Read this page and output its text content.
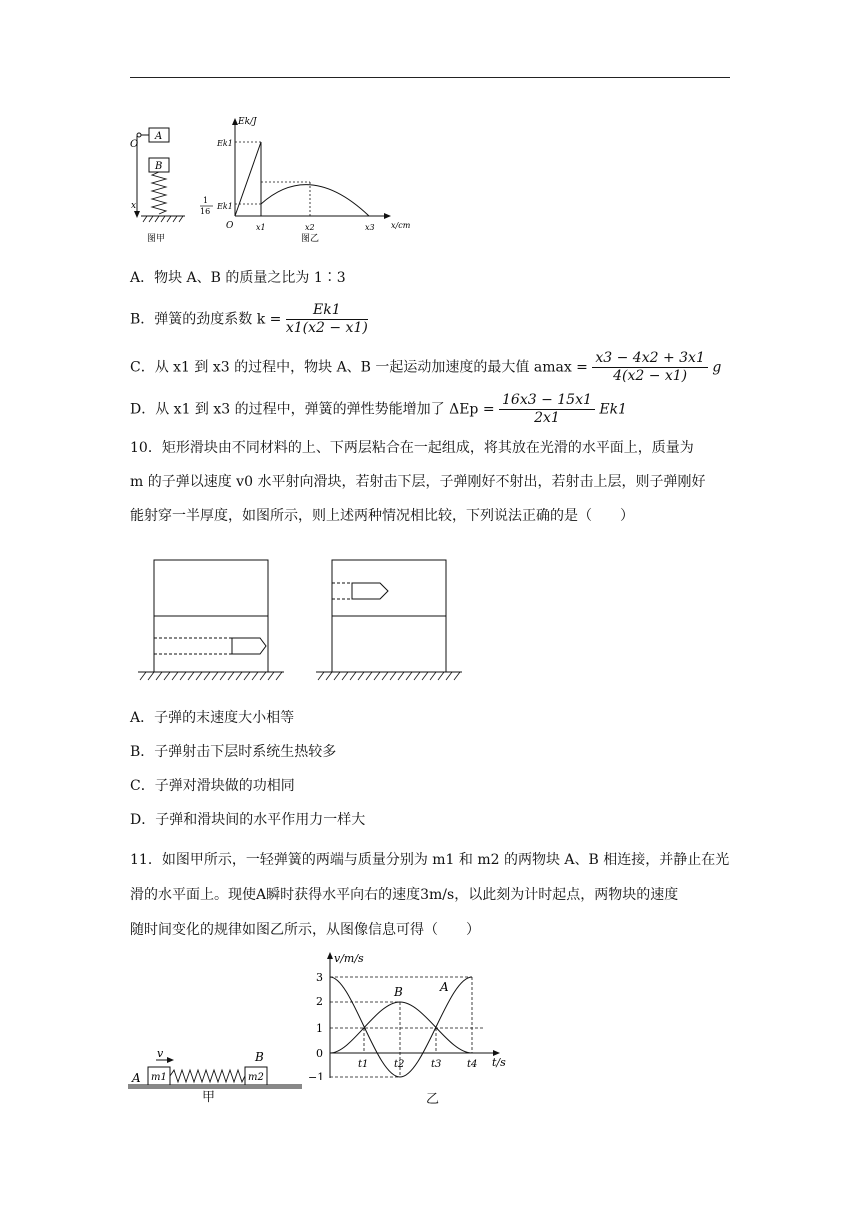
A
O
B
x
图甲
Ek/J
Ek1
1
16
Ek1
O	x1	x2	x3 x/cm
图乙
A．物块 A、B 的质量之比为 1∶3
B．弹簧的劲度系数 $k = \frac{Ek1}{x1(x2 - x1)}$
C．从 x1 到 x3 的过程中，物块 A、B 一起运动加速度的最大值 $amax = \frac{x3 - 4x2 + 3x1}{4(x2 - x1)}$ g
D．从 x1 到 x3 的过程中，弹簧的弹性势能增加了 $\Delta Ep = \frac{16x3 - 15x1}{2x1} Ek1$
10．矩形滑块由不同材料的上、下两层粘合在一起组成，将其放在光滑的水平面上，质量为
m 的子弹以速度 v0 水平射向滑块，若射击下层，子弹刚好不射出，若射击上层，则子弹刚好
能射穿一半厚度，如图所示，则上述两种情况相比较，下列说法正确的是（　　）
A．子弹的末速度大小相等
B．子弹射击下层时系统生热较多
C．子弹对滑块做的功相同
D．子弹和滑块间的水平作用力一样大
11．如图甲所示，一轻弹簧的两端与质量分别为 m1 和 m2 的两物块 A、B 相连接，并静止在光
滑的水平面上。现使A瞬时获得水平向右的速度3m/s，以此刻为计时起点，两物块的速度
随时间变化的规律如图乙所示，从图像信息可得（　　）
v
A m1	m2
B
甲
v/m/s
t/s
3
2
1
0
−1
A
B
t1	t2	t3	t4
乙
